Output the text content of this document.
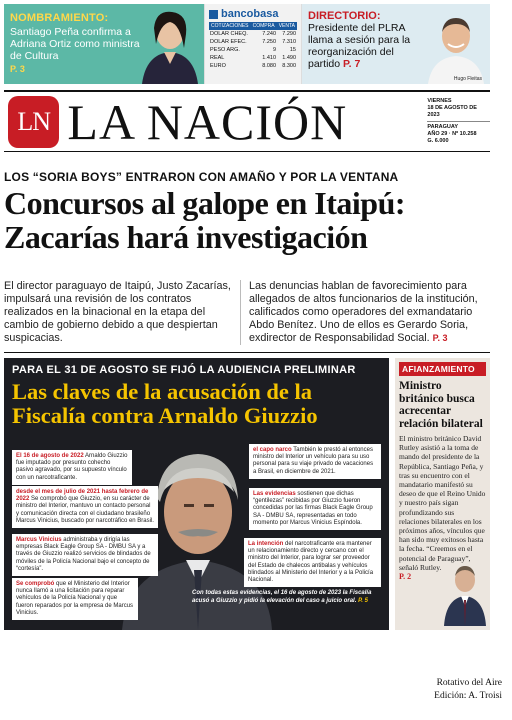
NOMBRAMIENTO:
Santiago Peña confirma a Adriana Ortiz como ministra de Cultura
P. 3
bancobasa
COTIZACIONES COMPRA VENTA
DOLAR CHEQ.	7.240	7.290
DOLAR EFEC.	7.250	7.310
PESO ARG.	9	15
REAL	1.410	1.490
EURO	8.080	8.300
DIRECTORIO:
Presidente del PLRA llama a sesión para la reorganización del partido P. 7
Hugo Fleitas
LN LA NACIÓN	VIERNES
18 DE AGOSTO DE 2023
PARAGUAY
AÑO 29 · Nº 10.258
G. 6.000
LOS “SORIA BOYS” ENTRARON CON AMAÑO Y POR LA VENTANA
Concursos al galope en Itaipú: Zacarías hará investigación
El director paraguayo de Itaipú, Justo Zacarías, impulsará una revisión de los contratos realizados en la binacional en la etapa del cambio de gobierno debido a que despiertan suspicacias.
Las denuncias hablan de favorecimiento para allegados de altos funcionarios de la institución, calificados como operadores del exmandatario Abdo Benítez. Uno de ellos es Gerardo Soria, exdirector de Responsabilidad Social. P. 3
PARA EL 31 DE AGOSTO SE FIJÓ LA AUDIENCIA PRELIMINAR
Las claves de la acusación de la Fiscalía contra Arnaldo Giuzzio
El 16 de agosto de 2022 Arnaldo Giuzzio fue imputado por presunto cohecho pasivo agravado, por su supuesto vínculo con un narcotraficante.
desde el mes de julio de 2021 hasta febrero de 2022 Se comprobó que Giuzzio, en su carácter de ministro del Interior, mantuvo un contacto personal y comunicación directa con el ciudadano brasileño Marcus Vinicius, buscado por narcotráfico en Brasil.
Marcus Vinicius administraba y dirigía las empresas Black Eagle Group SA - DMBU SA y a través de Giuzzio realizó servicios de blindados de móviles de la Policía Nacional bajo el concepto de “cortesía”.
Se comprobó que el Ministerio del Interior nunca llamó a una licitación para reparar vehículos de la Policía Nacional y que fueron reparados por la empresa de Marcus Vinicius.
el capo narco También le prestó al entonces ministro del Interior un vehículo para su uso personal para su viaje privado de vacaciones a Brasil, en diciembre de 2021.
Las evidencias sostienen que dichas “gentilezas” recibidas por Giuzzio fueron concedidas por las firmas Black Eagle Group SA - DMBU SA, representadas en todo momento por Marcus Vinicius Espíndola.
La intención del narcotraficante era mantener un relacionamiento directo y cercano con el ministro del Interior, para lograr ser proveedor del Estado de chalecos antibalas y vehículos blindados al Ministerio del Interior y a la Policía Nacional.
Con todas estas evidencias, el 16 de agosto de 2023 la Fiscalía acusó a Giuzzio y pidió la elevación del caso a juicio oral. P. 5
AFIANZAMIENTO
Ministro británico busca acrecentar relación bilateral
El ministro británico David Rutley asistió a la toma de mando del presidente de la República, Santiago Peña, y tras su encuentro con el mandatario manifestó su deseo de que el Reino Unido y nuestro país sigan profundizando sus relaciones bilaterales en los próximos años, vínculos que han sido muy exitosos hasta la fecha. “Creemos en el potencial de Paraguay”, señaló Rutley.
P. 2
Rotativo del Aire
Edición: A. Troisi
